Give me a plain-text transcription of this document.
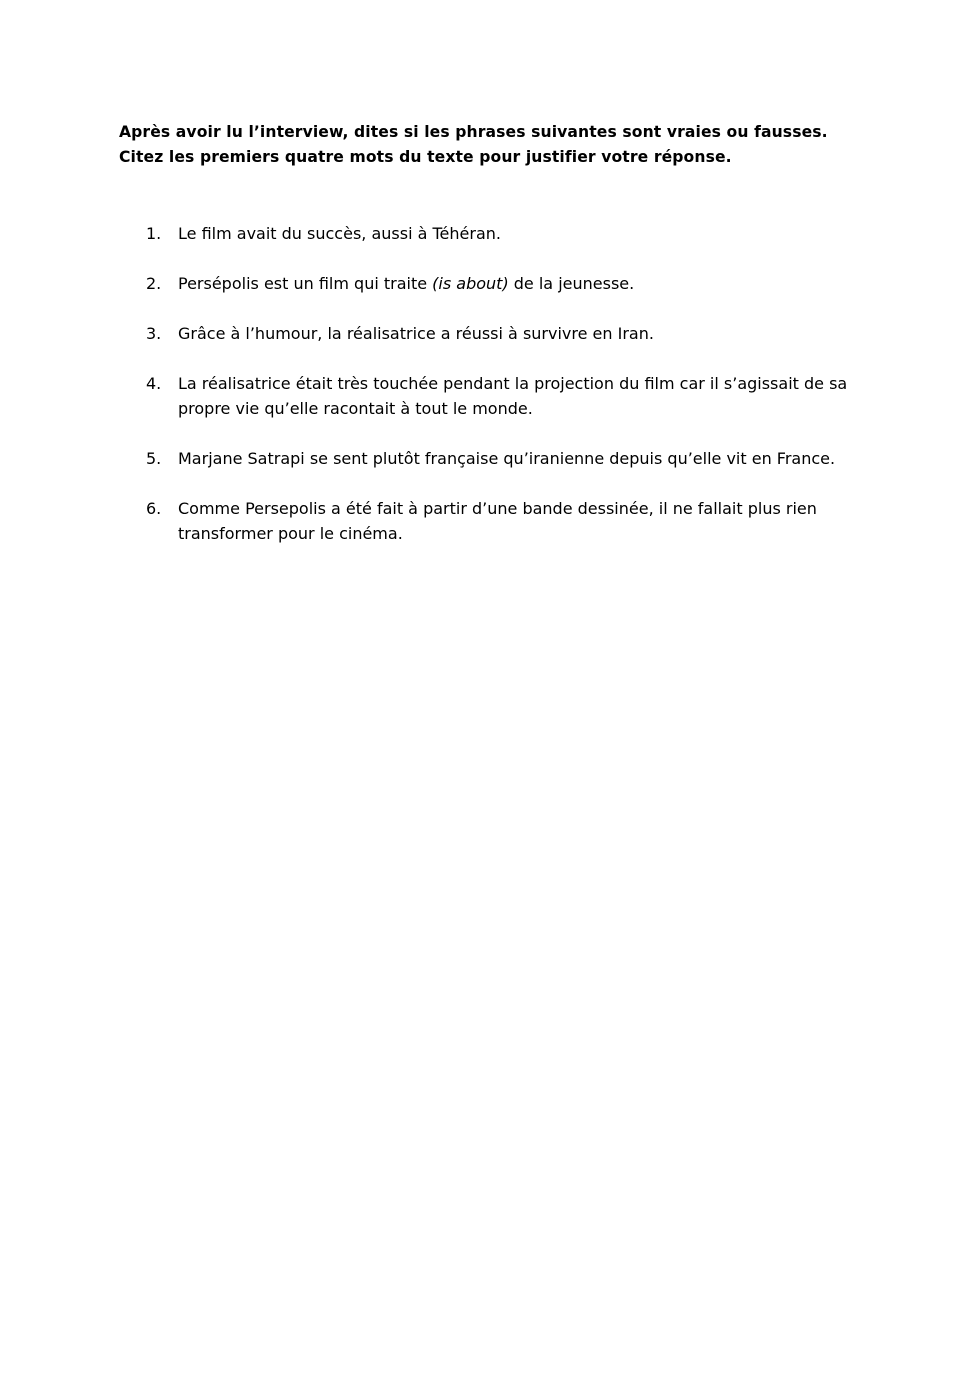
Après avoir lu l’interview, dites si les phrases suivantes sont vraies ou fausses.
Citez les premiers quatre mots du texte pour justifier votre réponse.

1. Le film avait du succès, aussi à Téhéran.
2. Persépolis est un film qui traite (is about) de la jeunesse.
3. Grâce à l’humour, la réalisatrice a réussi à survivre en Iran.
4. La réalisatrice était très touchée pendant la projection du film car il s’agissait de sa propre vie qu’elle racontait à tout le monde.
5. Marjane Satrapi se sent plutôt française qu’iranienne depuis qu’elle vit en France.
6. Comme Persepolis a été fait à partir d’une bande dessinée, il ne fallait plus rien transformer pour le cinéma.
